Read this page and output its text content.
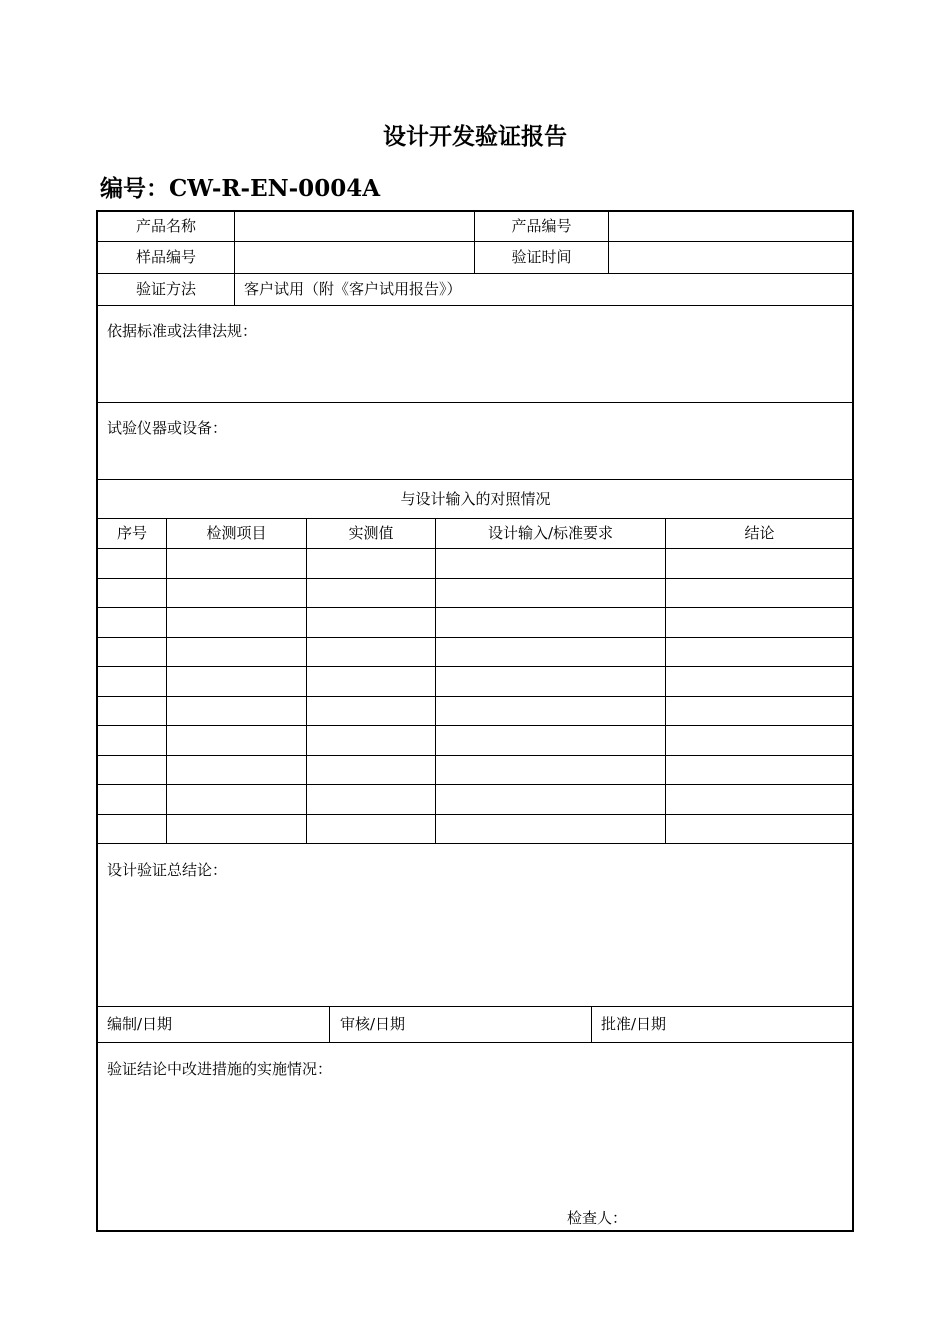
设计开发验证报告
编号：CW-R-EN-0004A
产品名称	产品编号
样品编号	验证时间
验证方法	客户试用（附《客户试用报告》）
依据标准或法律法规：
试验仪器或设备：
与设计输入的对照情况
序号	检测项目	实测值	设计输入/标准要求	结论
设计验证总结论：
编制/日期	审核/日期	批准/日期
验证结论中改进措施的实施情况：
检查人：
